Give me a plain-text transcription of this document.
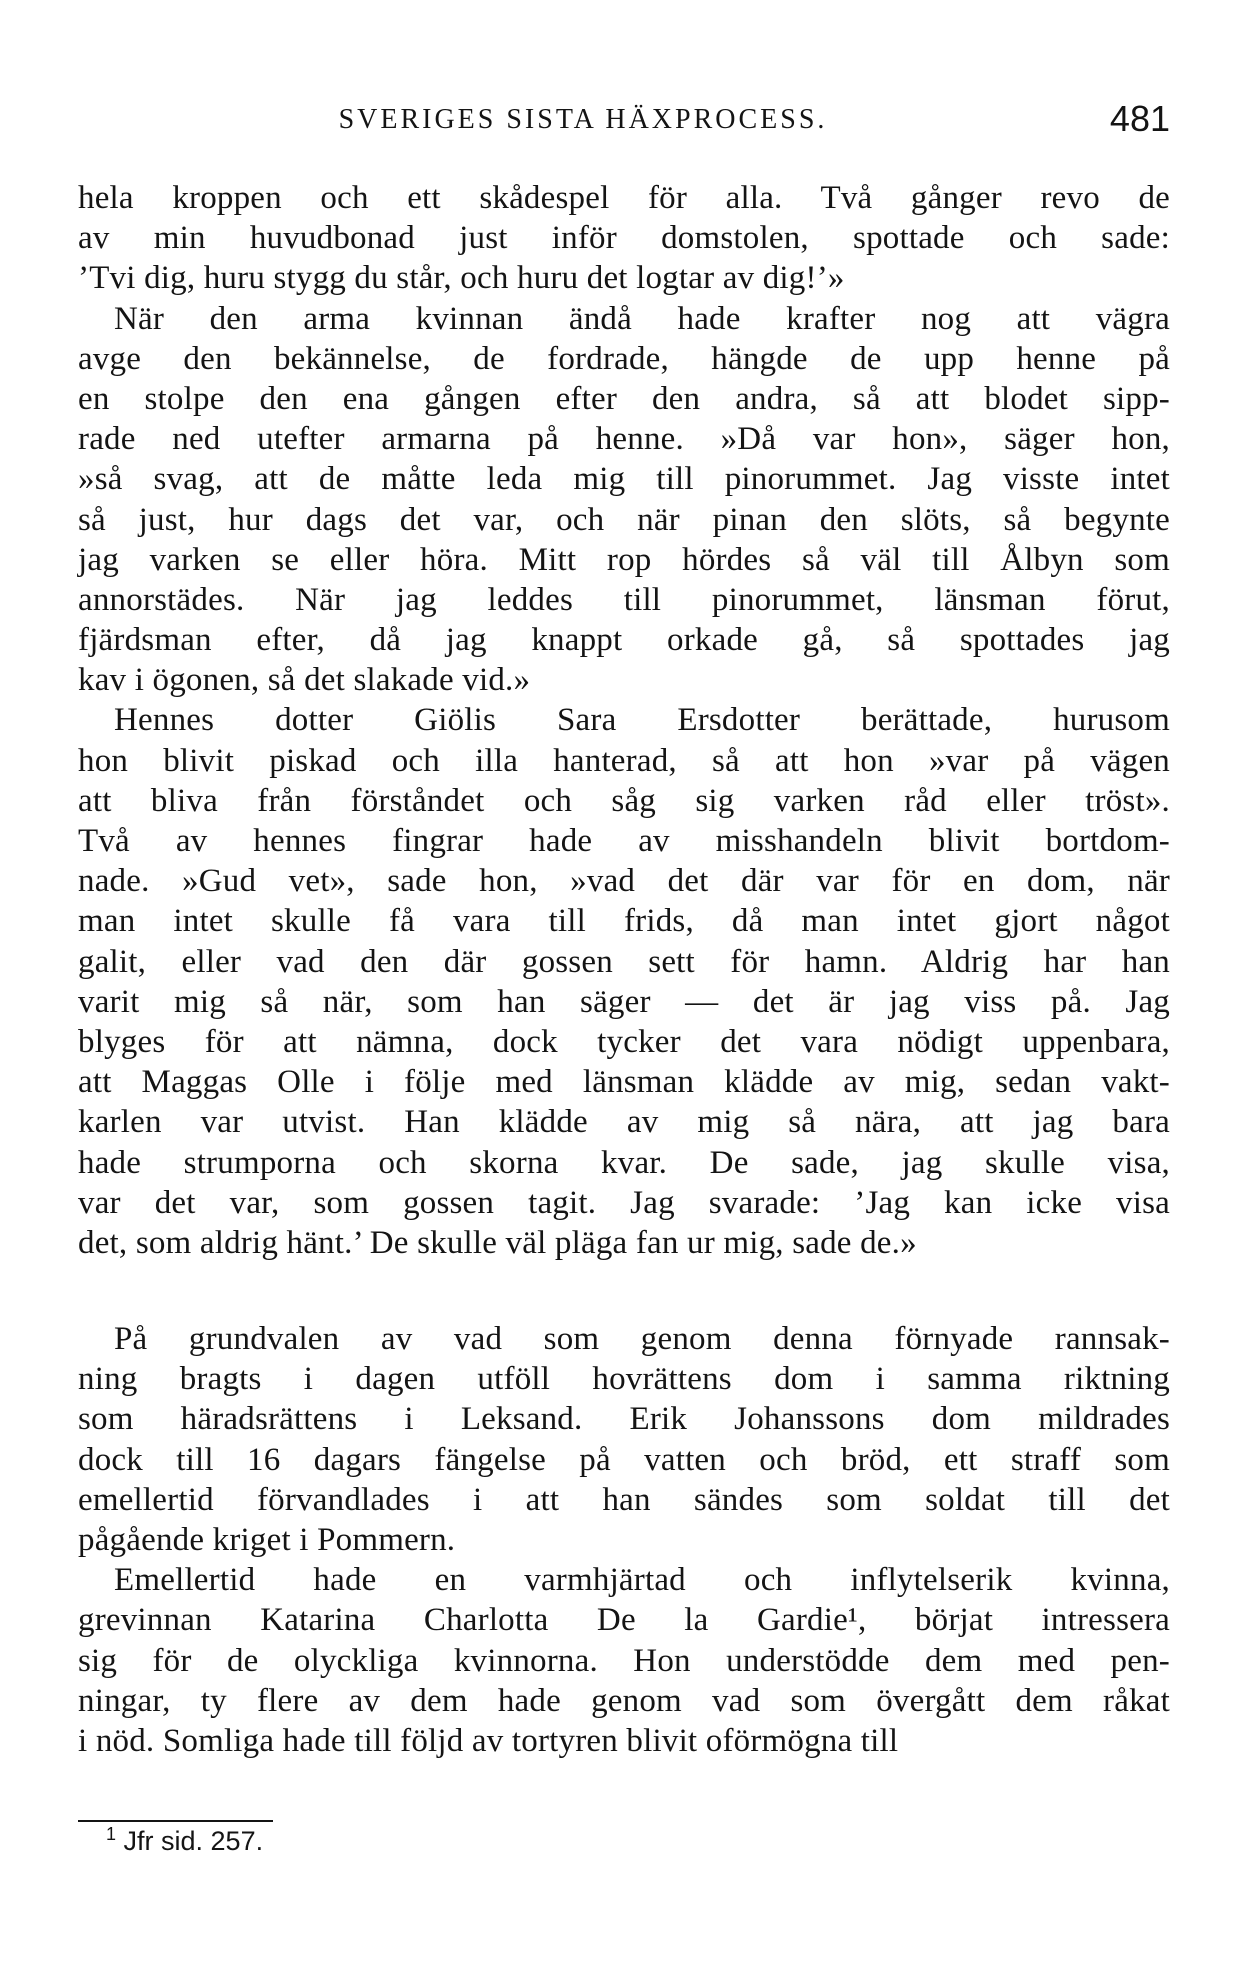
SVERIGES SISTA HÄXPROCESS.	481
hela kroppen och ett skådespel för alla. Två gånger revo de
av min huvudbonad just inför domstolen, spottade och sade:
’Tvi dig, huru stygg du står, och huru det logtar av dig!’»
När den arma kvinnan ändå hade krafter nog att vägra
avge den bekännelse, de fordrade, hängde de upp henne på
en stolpe den ena gången efter den andra, så att blodet sipp-
rade ned utefter armarna på henne. »Då var hon», säger hon,
»så svag, att de måtte leda mig till pinorummet. Jag visste intet
så just, hur dags det var, och när pinan den slöts, så begynte
jag varken se eller höra. Mitt rop hördes så väl till Ålbyn som
annorstädes. När jag leddes till pinorummet, länsman förut,
fjärdsman efter, då jag knappt orkade gå, så spottades jag
kav i ögonen, så det slakade vid.»
Hennes dotter Giölis Sara Ersdotter berättade, hurusom
hon blivit piskad och illa hanterad, så att hon »var på vägen
att bliva från förståndet och såg sig varken råd eller tröst».
Två av hennes fingrar hade av misshandeln blivit bortdom-
nade. »Gud vet», sade hon, »vad det där var för en dom, när
man intet skulle få vara till frids, då man intet gjort något
galit, eller vad den där gossen sett för hamn. Aldrig har han
varit mig så när, som han säger — det är jag viss på. Jag
blyges för att nämna, dock tycker det vara nödigt uppenbara,
att Maggas Olle i följe med länsman klädde av mig, sedan vakt-
karlen var utvist. Han klädde av mig så nära, att jag bara
hade strumporna och skorna kvar. De sade, jag skulle visa,
var det var, som gossen tagit. Jag svarade: ’Jag kan icke visa
det, som aldrig hänt.’ De skulle väl pläga fan ur mig, sade de.»
På grundvalen av vad som genom denna förnyade rannsak-
ning bragts i dagen utföll hovrättens dom i samma riktning
som häradsrättens i Leksand. Erik Johanssons dom mildrades
dock till 16 dagars fängelse på vatten och bröd, ett straff som
emellertid förvandlades i att han sändes som soldat till det
pågående kriget i Pommern.
Emellertid hade en varmhjärtad och inflytelserik kvinna,
grevinnan Katarina Charlotta De la Gardie¹, börjat intressera
sig för de olyckliga kvinnorna. Hon understödde dem med pen-
ningar, ty flere av dem hade genom vad som övergått dem råkat
i nöd. Somliga hade till följd av tortyren blivit oförmögna till
$^1$ Jfr sid. 257.
